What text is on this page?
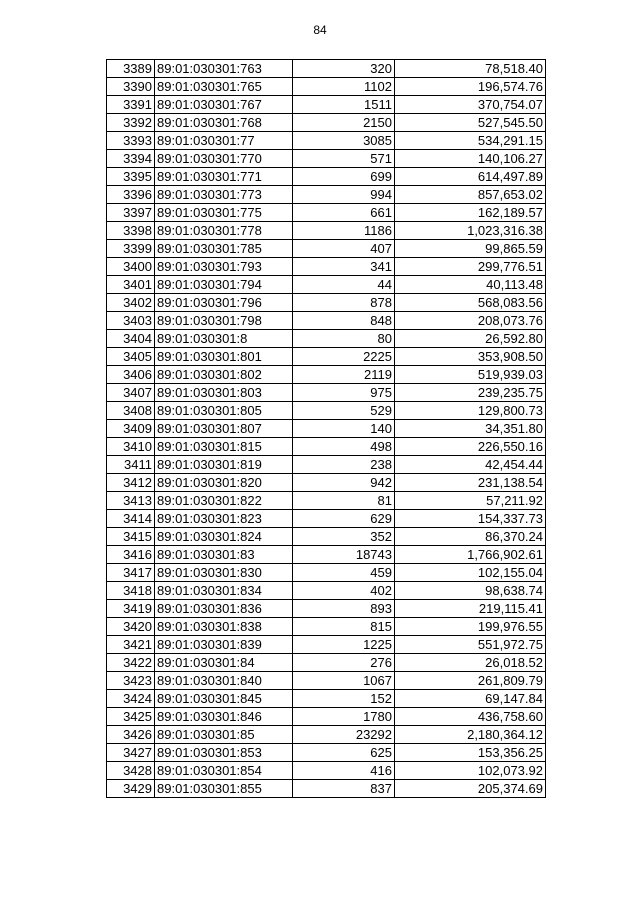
84
3389	89:01:030301:763	320	78,518.40
3390	89:01:030301:765	1102	196,574.76
3391	89:01:030301:767	1511	370,754.07
3392	89:01:030301:768	2150	527,545.50
3393	89:01:030301:77	3085	534,291.15
3394	89:01:030301:770	571	140,106.27
3395	89:01:030301:771	699	614,497.89
3396	89:01:030301:773	994	857,653.02
3397	89:01:030301:775	661	162,189.57
3398	89:01:030301:778	1186	1,023,316.38
3399	89:01:030301:785	407	99,865.59
3400	89:01:030301:793	341	299,776.51
3401	89:01:030301:794	44	40,113.48
3402	89:01:030301:796	878	568,083.56
3403	89:01:030301:798	848	208,073.76
3404	89:01:030301:8	80	26,592.80
3405	89:01:030301:801	2225	353,908.50
3406	89:01:030301:802	2119	519,939.03
3407	89:01:030301:803	975	239,235.75
3408	89:01:030301:805	529	129,800.73
3409	89:01:030301:807	140	34,351.80
3410	89:01:030301:815	498	226,550.16
3411	89:01:030301:819	238	42,454.44
3412	89:01:030301:820	942	231,138.54
3413	89:01:030301:822	81	57,211.92
3414	89:01:030301:823	629	154,337.73
3415	89:01:030301:824	352	86,370.24
3416	89:01:030301:83	18743	1,766,902.61
3417	89:01:030301:830	459	102,155.04
3418	89:01:030301:834	402	98,638.74
3419	89:01:030301:836	893	219,115.41
3420	89:01:030301:838	815	199,976.55
3421	89:01:030301:839	1225	551,972.75
3422	89:01:030301:84	276	26,018.52
3423	89:01:030301:840	1067	261,809.79
3424	89:01:030301:845	152	69,147.84
3425	89:01:030301:846	1780	436,758.60
3426	89:01:030301:85	23292	2,180,364.12
3427	89:01:030301:853	625	153,356.25
3428	89:01:030301:854	416	102,073.92
3429	89:01:030301:855	837	205,374.69
